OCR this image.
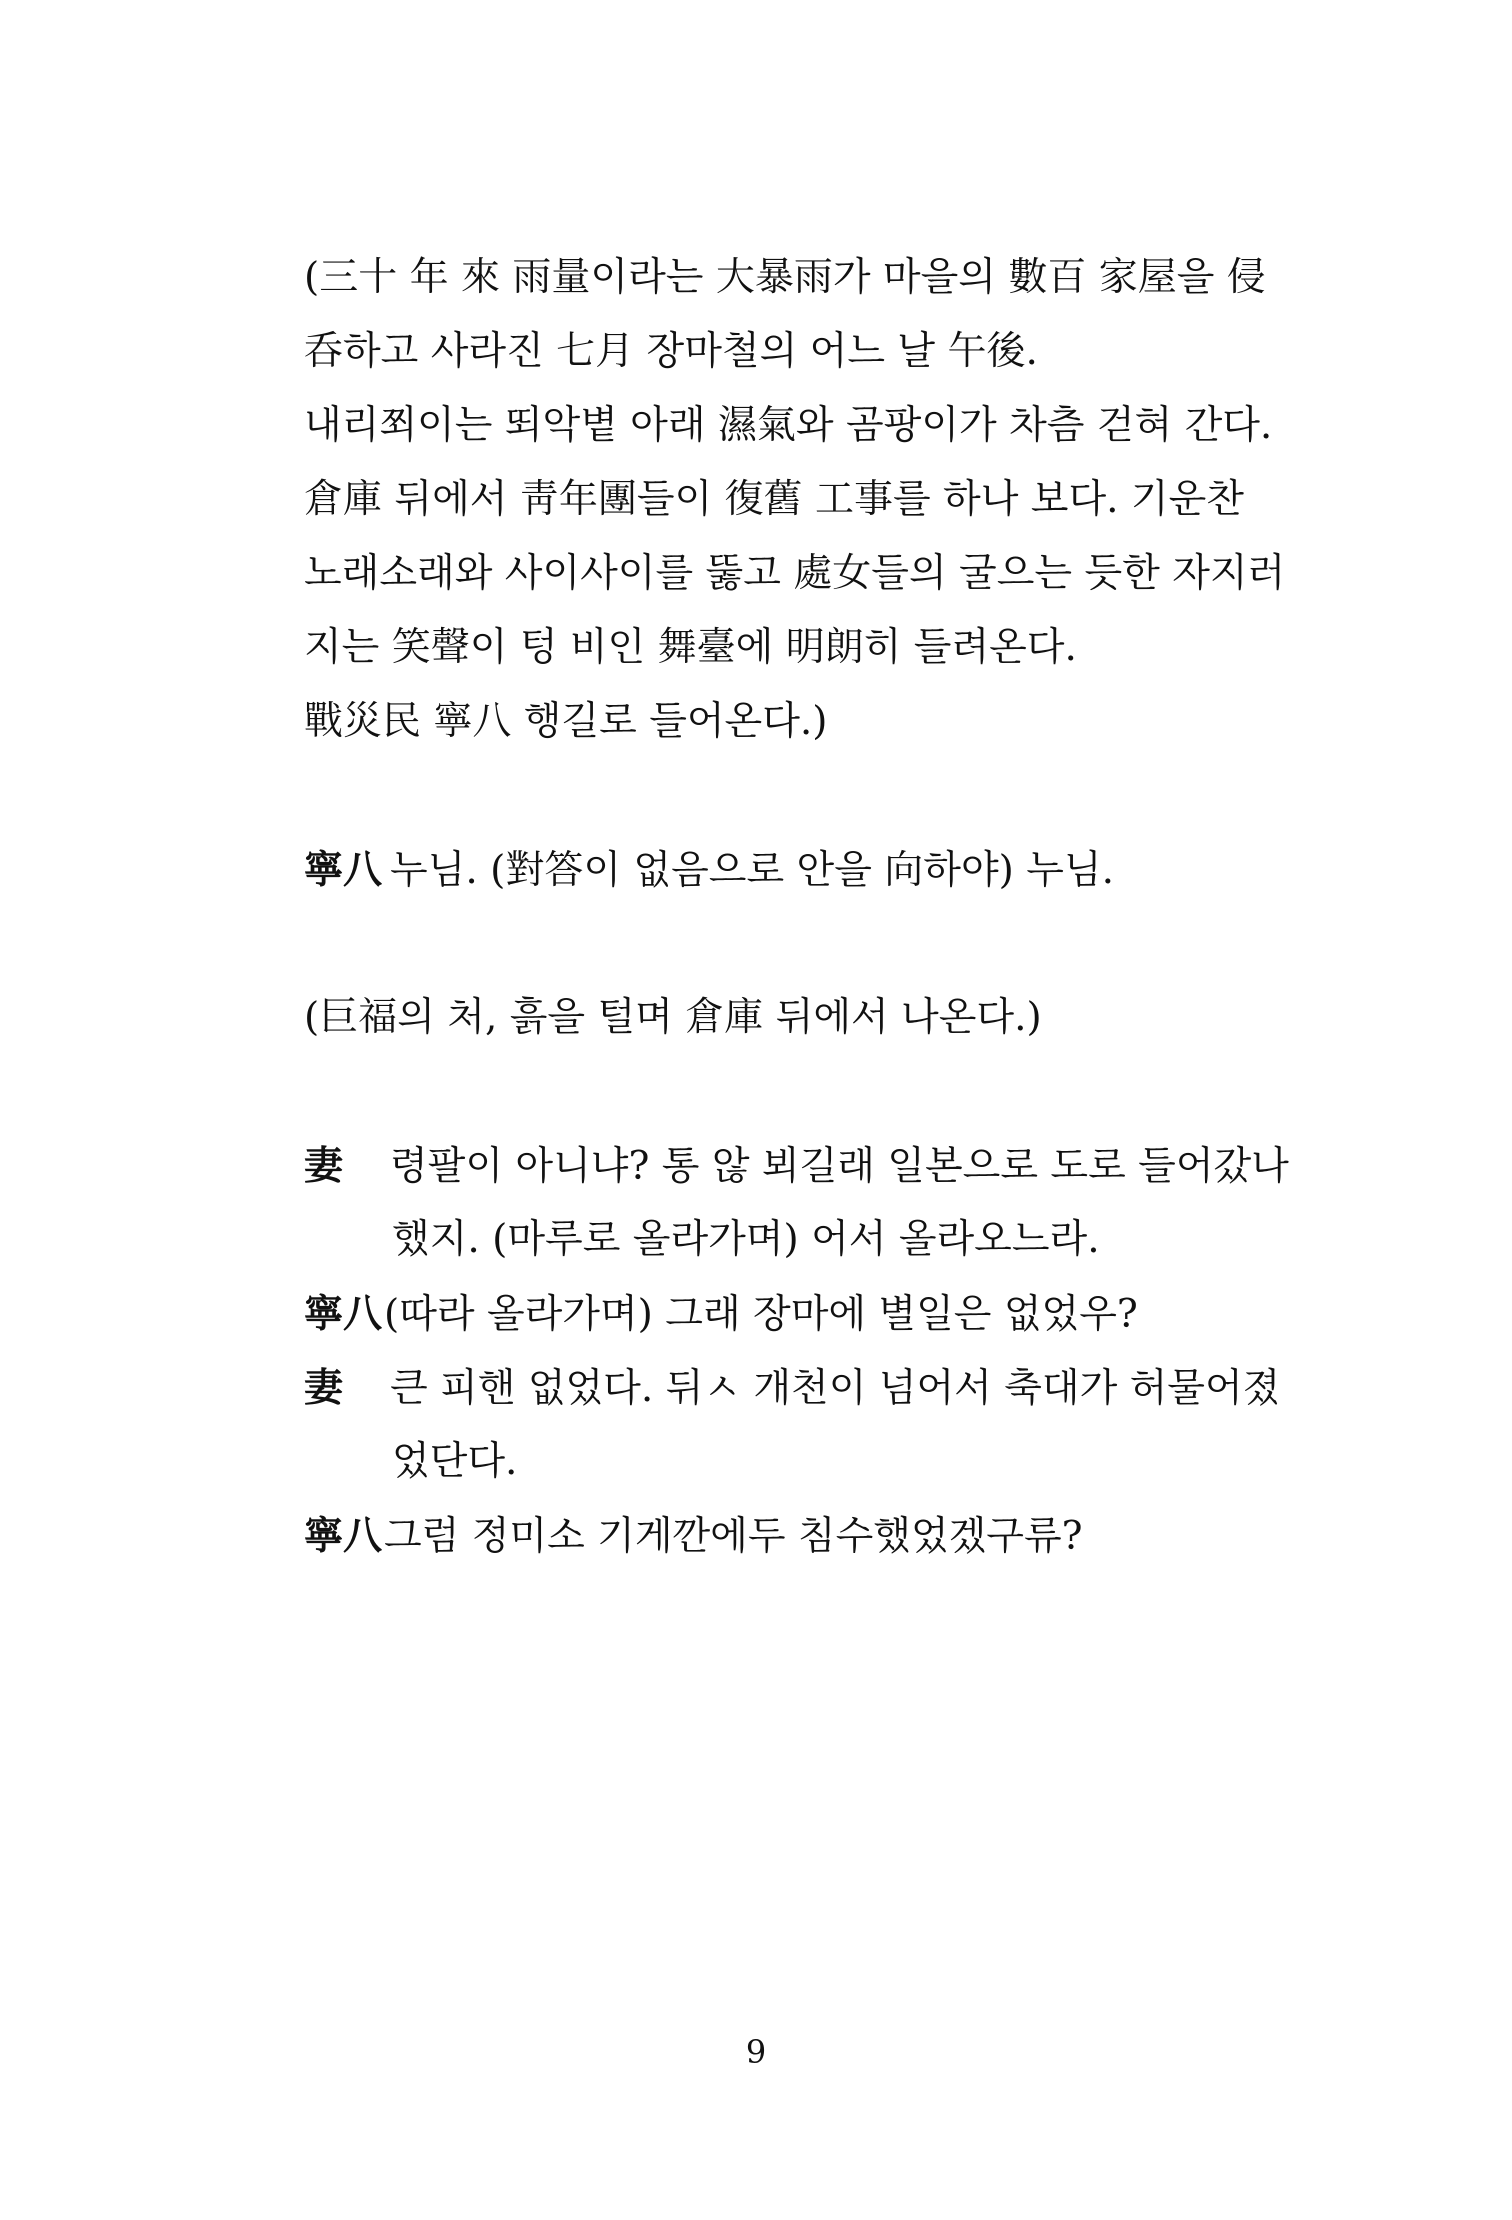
(三十 年 來 雨量이라는 大暴雨가 마을의 數百 家屋을 侵
呑하고 사라진 七月 장마철의 어느 날 午後.
내리쬐이는 뙤악볕 아래 濕氣와 곰팡이가 차츰 걷혀 간다.
倉庫 뒤에서 靑年團들이 復舊 工事를 하나 보다. 기운찬
노래소래와 사이사이를 뚫고 處女들의 굴으는 듯한 자지러
지는 笑聲이 텅 비인 舞臺에 明朗히 들려온다.
戰災民 寧八 행길로 들어온다.)
寧八 누님. (對答이 없음으로 안을 向하야) 누님.
(巨福의 처, 흙을 털며 倉庫 뒤에서 나온다.)
妻 령팔이 아니냐? 통 않 뵈길래 일본으로 도로 들어갔나
했지. (마루로 올라가며) 어서 올라오느라.
寧八(따라 올라가며) 그래 장마에 별일은 없었우?
妻 큰 피핸 없었다. 뒤ㅅ 개천이 넘어서 축대가 허물어졌
었단다.
寧八그럼 정미소 기게깐에두 침수했었겠구류?
9
